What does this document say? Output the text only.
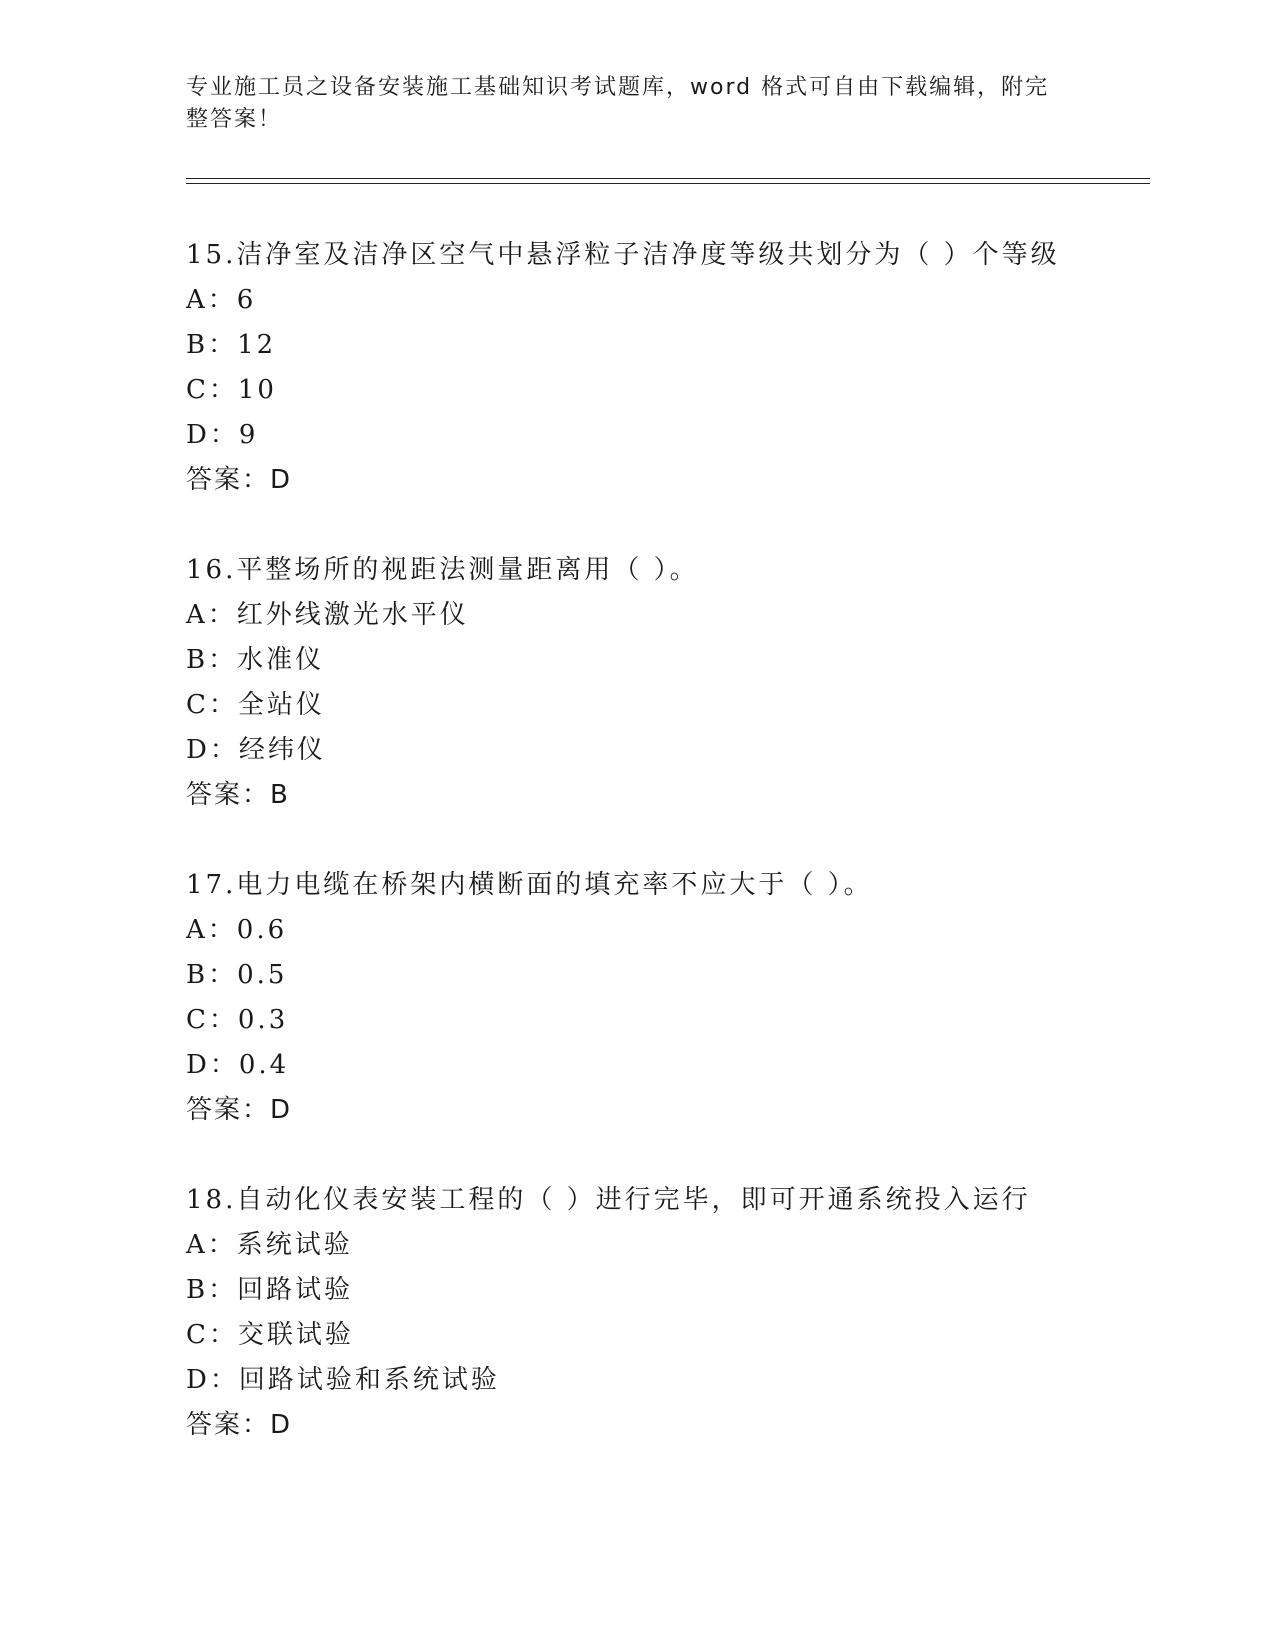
专业施工员之设备安装施工基础知识考试题库，word 格式可自由下载编辑，附完
整答案！
15.洁净室及洁净区空气中悬浮粒子洁净度等级共划分为（ ）个等级
A：6
B：12
C：10
D：9
答案：D
16.平整场所的视距法测量距离用（ ）。
A：红外线激光水平仪
B：水准仪
C：全站仪
D：经纬仪
答案：B
17.电力电缆在桥架内横断面的填充率不应大于（ ）。
A：0.6
B：0.5
C：0.3
D：0.4
答案：D
18.自动化仪表安装工程的（ ）进行完毕，即可开通系统投入运行
A：系统试验
B：回路试验
C：交联试验
D：回路试验和系统试验
答案：D
